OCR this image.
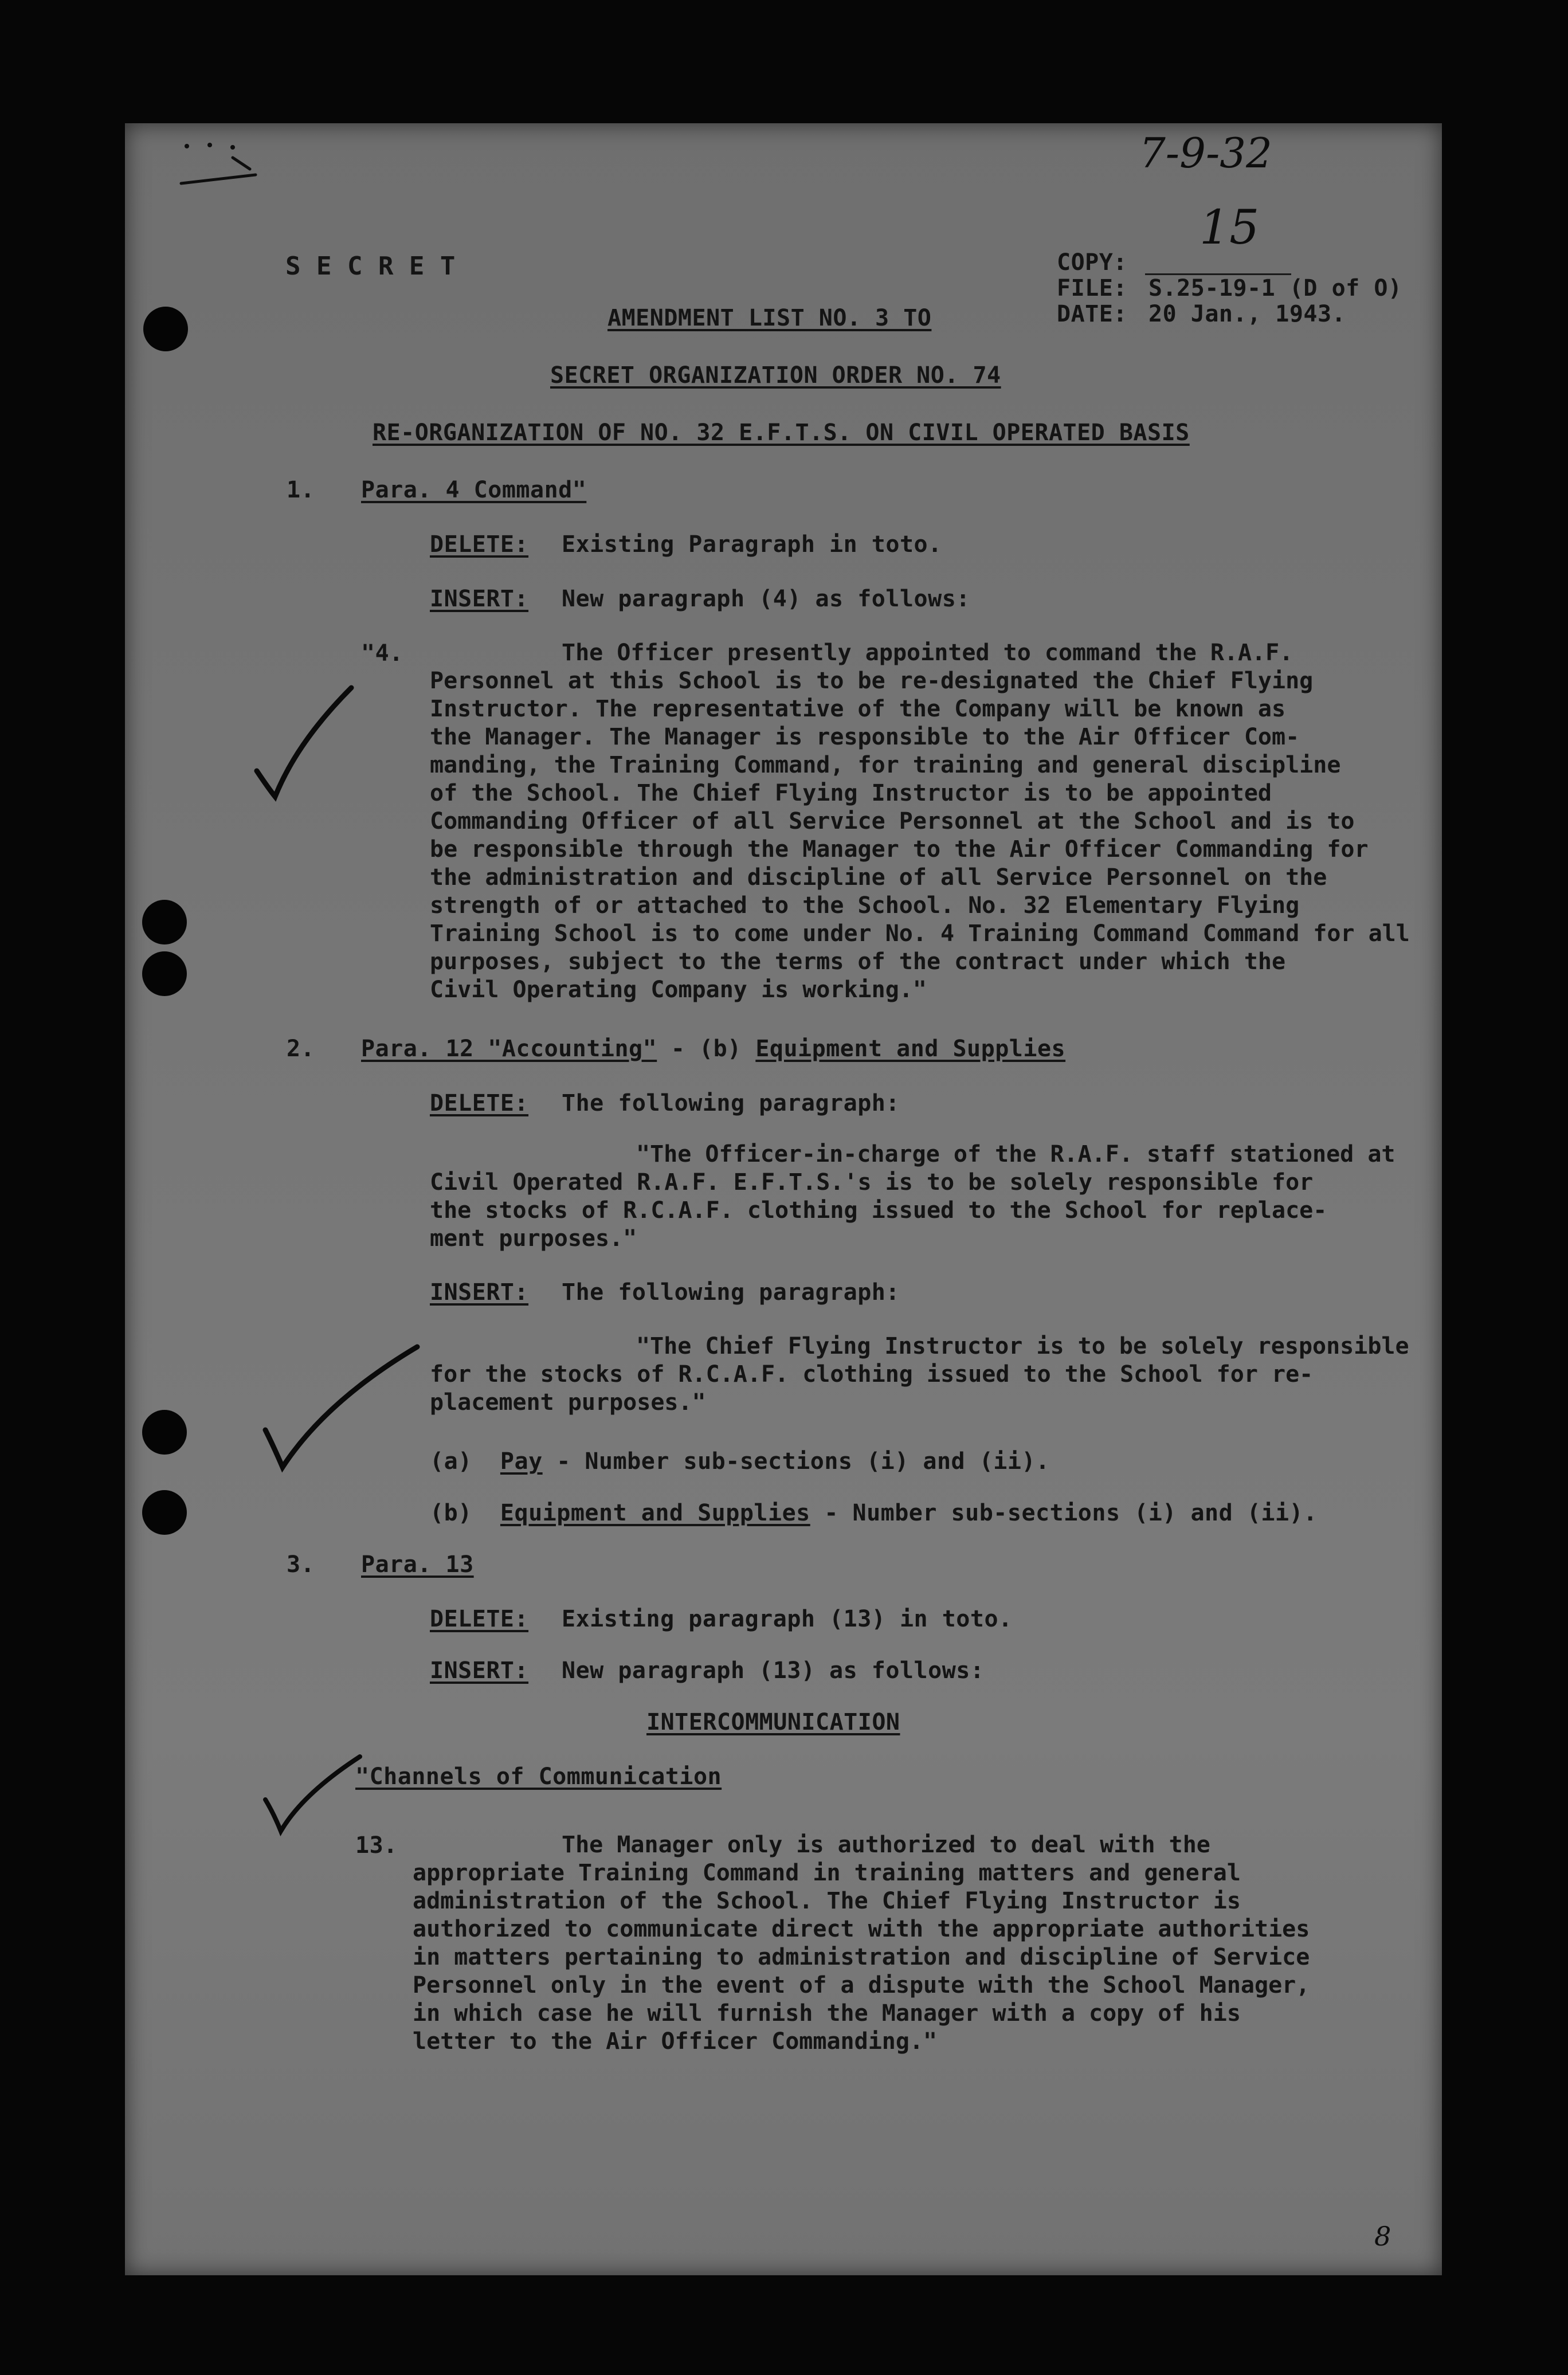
7-9-32
15
8
S E C R E T	COPY:
FILE: S.25-19-1 (D of O)
DATE: 20 Jan., 1943.
AMENDMENT LIST NO. 3 TO
SECRET ORGANIZATION ORDER NO. 74
RE-ORGANIZATION OF NO. 32 E.F.T.S. ON CIVIL OPERATED BASIS
1. Para. 4 Command"
DELETE: Existing Paragraph in toto.
INSERT: New paragraph (4) as follows:
"4.	The Officer presently appointed to command the R.A.F.
Personnel at this School is to be re-designated the Chief Flying
Instructor. The representative of the Company will be known as
the Manager. The Manager is responsible to the Air Officer Com-
manding, the Training Command, for training and general discipline
of the School. The Chief Flying Instructor is to be appointed
Commanding Officer of all Service Personnel at the School and is to
be responsible through the Manager to the Air Officer Commanding for
the administration and discipline of all Service Personnel on the
strength of or attached to the School. No. 32 Elementary Flying
Training School is to come under No. 4 Training Command Command for all
purposes, subject to the terms of the contract under which the
Civil Operating Company is working."
2. Para. 12 "Accounting" - (b) Equipment and Supplies
DELETE: The following paragraph:
"The Officer-in-charge of the R.A.F. staff stationed at
Civil Operated R.A.F. E.F.T.S.'s is to be solely responsible for
the stocks of R.C.A.F. clothing issued to the School for replace-
ment purposes."
INSERT: The following paragraph:
"The Chief Flying Instructor is to be solely responsible
for the stocks of R.C.A.F. clothing issued to the School for re-
placement purposes."
(a) Pay - Number sub-sections (i) and (ii).
(b) Equipment and Supplies - Number sub-sections (i) and (ii).
3. Para. 13
DELETE: Existing paragraph (13) in toto.
INSERT: New paragraph (13) as follows:
INTERCOMMUNICATION
"Channels of Communication
13.	The Manager only is authorized to deal with the
appropriate Training Command in training matters and general
administration of the School. The Chief Flying Instructor is
authorized to communicate direct with the appropriate authorities
in matters pertaining to administration and discipline of Service
Personnel only in the event of a dispute with the School Manager,
in which case he will furnish the Manager with a copy of his
letter to the Air Officer Commanding."
